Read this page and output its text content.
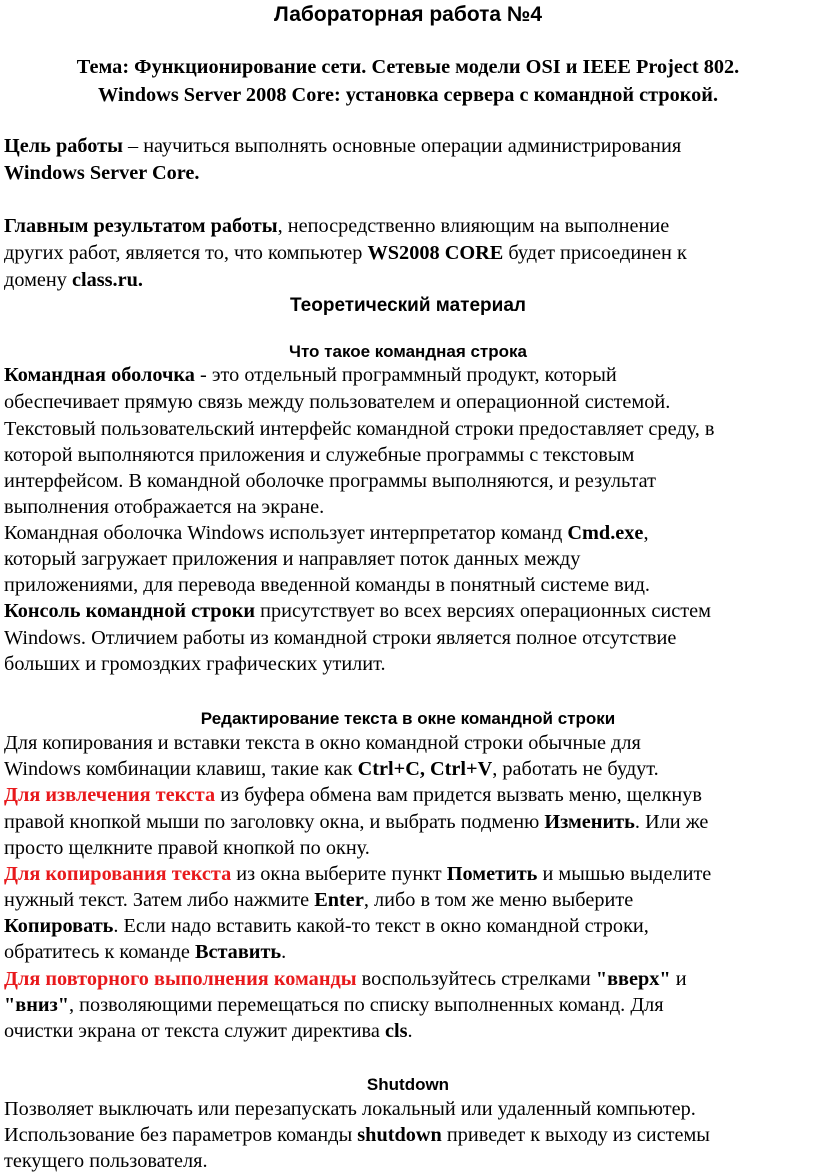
Лабораторная работа №4
Тема: Функционирование сети. Сетевые модели OSI и IEEE Project 802.
Windows Server 2008 Core: установка сервера с командной строкой.
Цель работы – научиться выполнять основные операции администрирования
Windows Server Core.
Главным результатом работы, непосредственно влияющим на выполнение
других работ, является то, что компьютер WS2008 CORE будет присоединен к
домену class.ru.
Теоретический материал
Что такое командная строка
Командная оболочка - это отдельный программный продукт, который
обеспечивает прямую связь между пользователем и операционной системой.
Текстовый пользовательский интерфейс командной строки предоставляет среду, в
которой выполняются приложения и служебные программы с текстовым
интерфейсом. В командной оболочке программы выполняются, и результат
выполнения отображается на экране.
Командная оболочка Windows использует интерпретатор команд Cmd.exe,
который загружает приложения и направляет поток данных между
приложениями, для перевода введенной команды в понятный системе вид.
Консоль командной строки присутствует во всех версиях операционных систем
Windows. Отличием работы из командной строки является полное отсутствие
больших и громоздких графических утилит.
Редактирование текста в окне командной строки
Для копирования и вставки текста в окно командной строки обычные для
Windows комбинации клавиш, такие как Ctrl+C, Ctrl+V, работать не будут.
Для извлечения текста из буфера обмена вам придется вызвать меню, щелкнув
правой кнопкой мыши по заголовку окна, и выбрать подменю Изменить. Или же
просто щелкните правой кнопкой по окну.
Для копирования текста из окна выберите пункт Пометить и мышью выделите
нужный текст. Затем либо нажмите Enter, либо в том же меню выберите
Копировать. Если надо вставить какой-то текст в окно командной строки,
обратитесь к команде Вставить.
Для повторного выполнения команды воспользуйтесь стрелками "вверх" и
"вниз", позволяющими перемещаться по списку выполненных команд. Для
очистки экрана от текста служит директива cls.
Shutdown
Позволяет выключать или перезапускать локальный или удаленный компьютер.
Использование без параметров команды shutdown приведет к выходу из системы
текущего пользователя.
